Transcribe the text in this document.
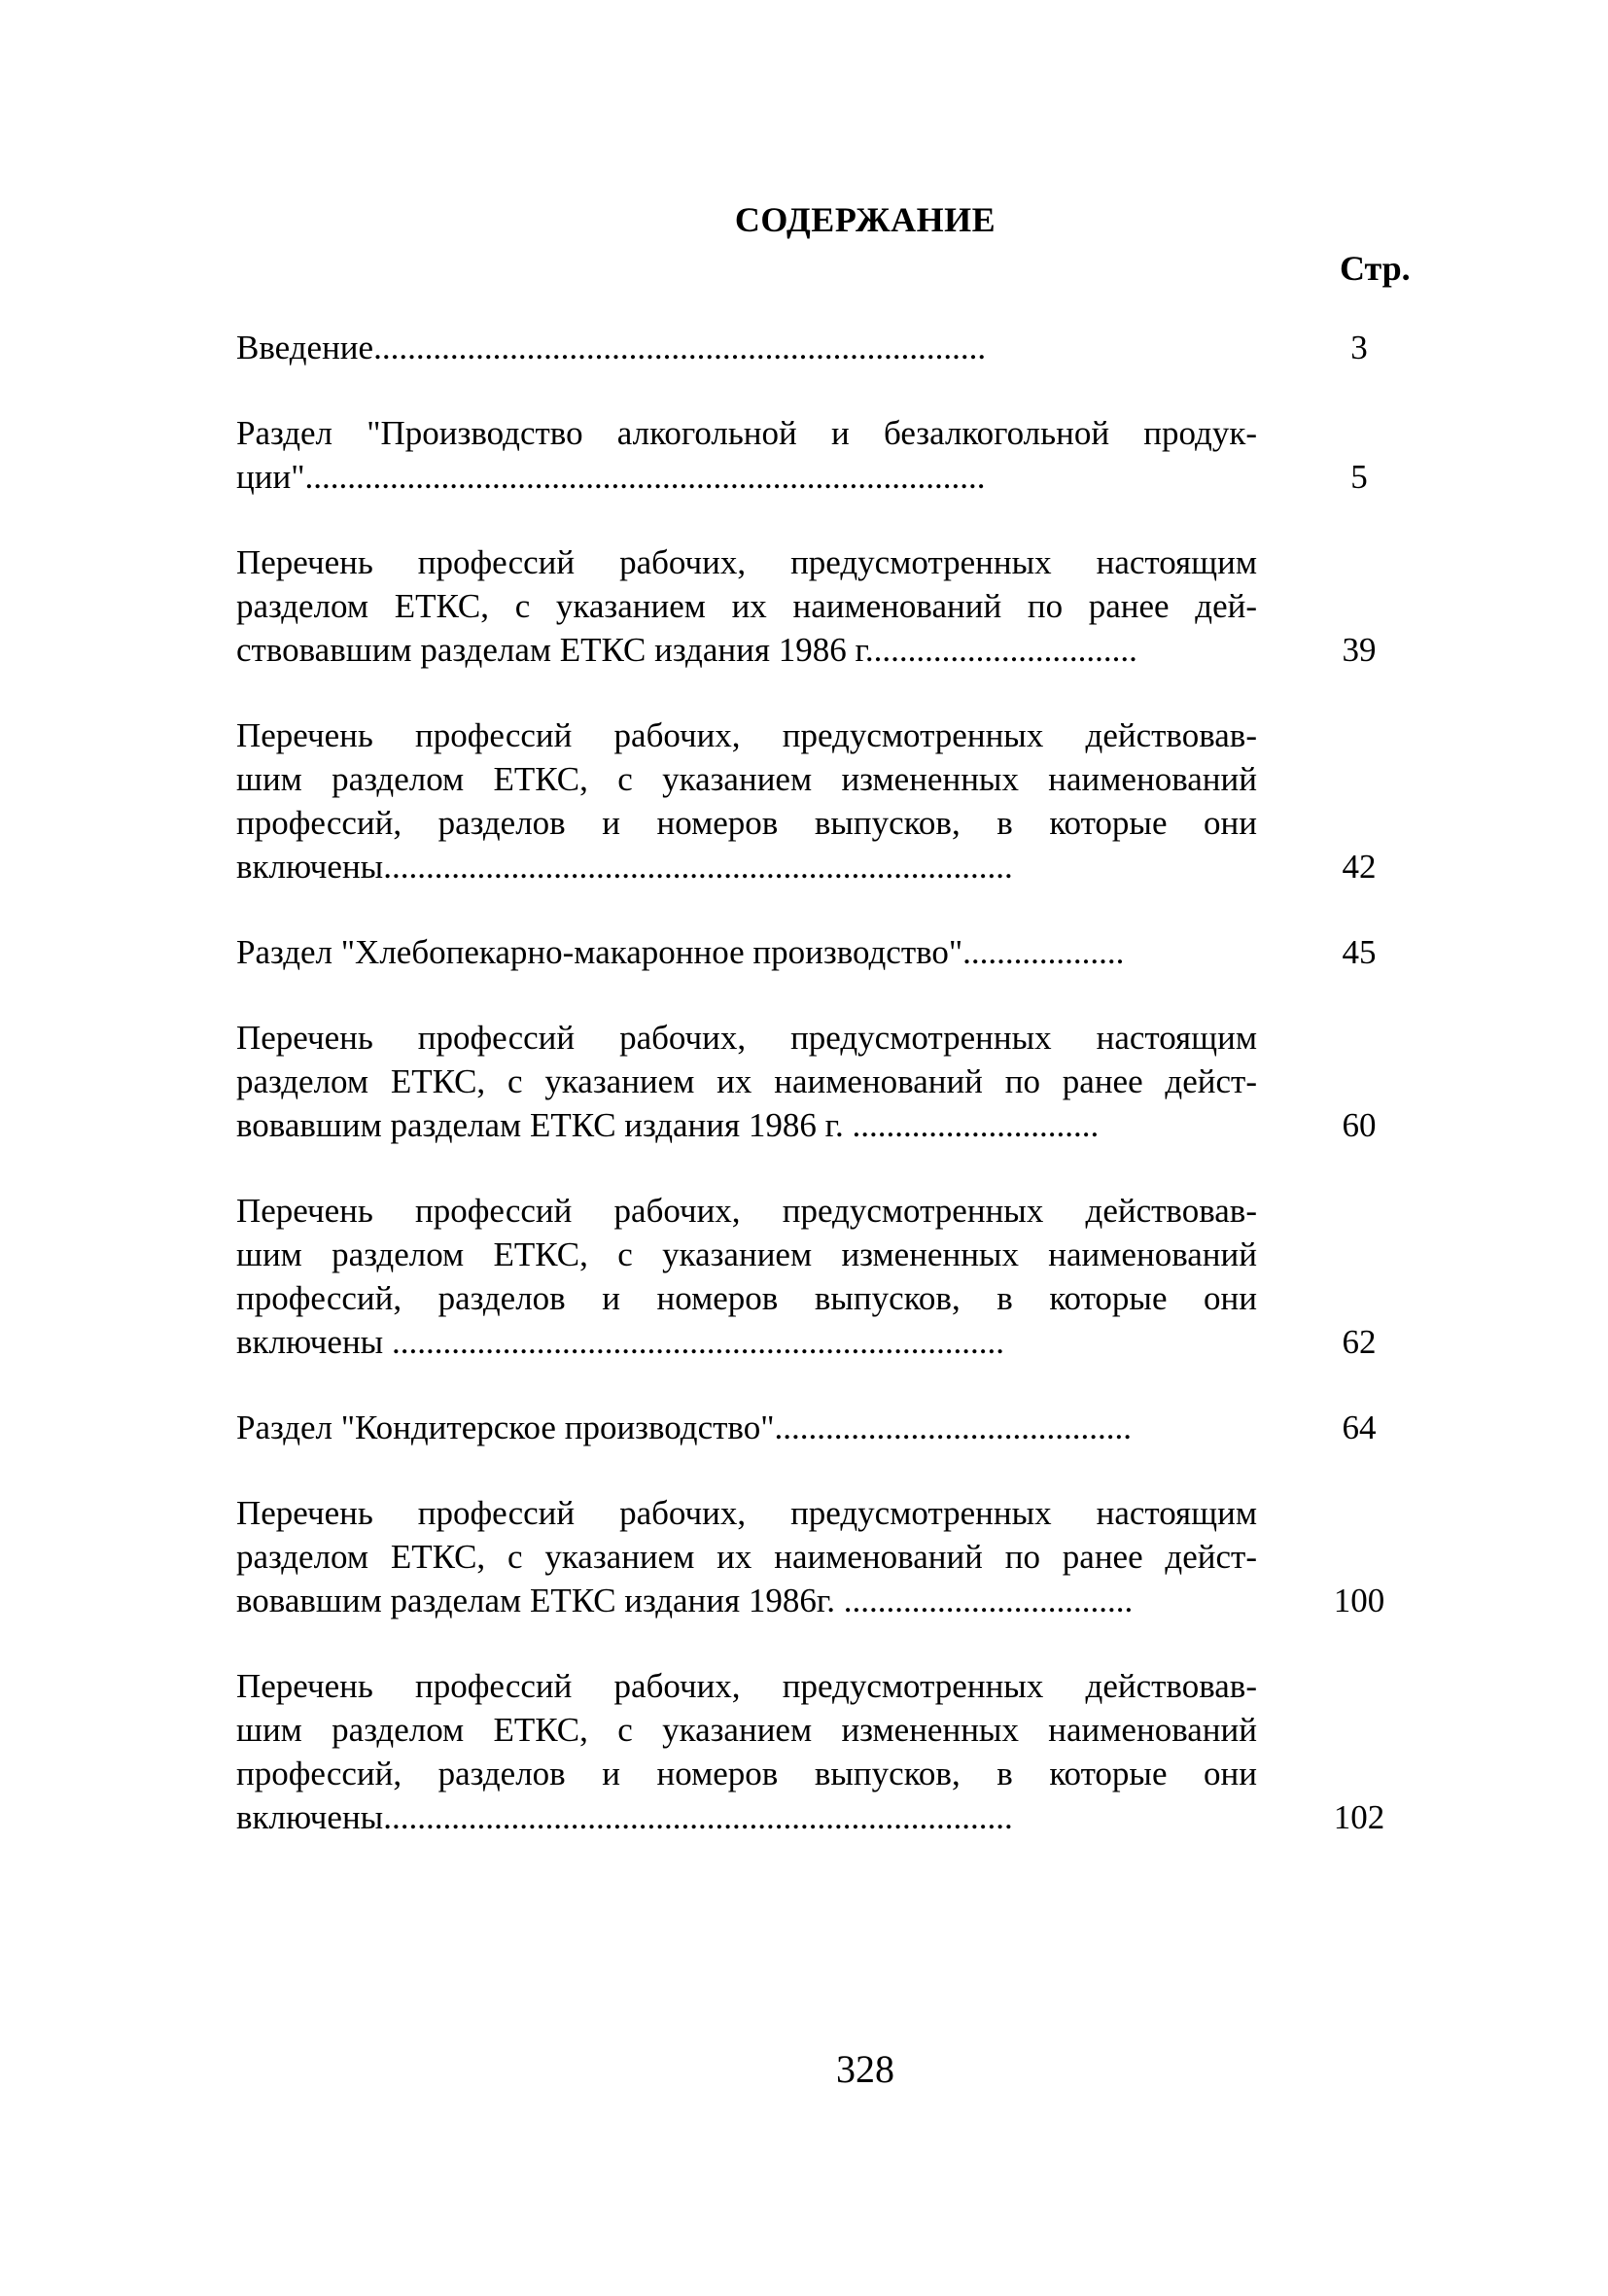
СОДЕРЖАНИЕ
Стр.
Введение........................................................................	3
Раздел "Производство алкогольной и безалкогольной продук-
ции"................................................................................	5
Перечень профессий рабочих, предусмотренных настоящим
разделом ЕТКС, с указанием их наименований по ранее дей-
ствовавшим разделам ЕТКС издания 1986 г................................	39
Перечень профессий рабочих, предусмотренных действовав-
шим разделом ЕТКС, с указанием измененных наименований
профессий, разделов и номеров выпусков, в которые они
включены..........................................................................	42
Раздел "Хлебопекарно-макаронное производство"...................	45
Перечень профессий рабочих, предусмотренных настоящим
разделом ЕТКС, с указанием их наименований по ранее дейст-
вовавшим разделам ЕТКС издания 1986 г. .............................	60
Перечень профессий рабочих, предусмотренных действовав-
шим разделом ЕТКС, с указанием измененных наименований
профессий, разделов и номеров выпусков, в которые они
включены ........................................................................	62
Раздел "Кондитерское производство"..........................................	64
Перечень профессий рабочих, предусмотренных настоящим
разделом ЕТКС, с указанием их наименований по ранее дейст-
вовавшим разделам ЕТКС издания 1986г. ..................................	100
Перечень профессий рабочих, предусмотренных действовав-
шим разделом ЕТКС, с указанием измененных наименований
профессий, разделов и номеров выпусков, в которые они
включены..........................................................................	102
328
